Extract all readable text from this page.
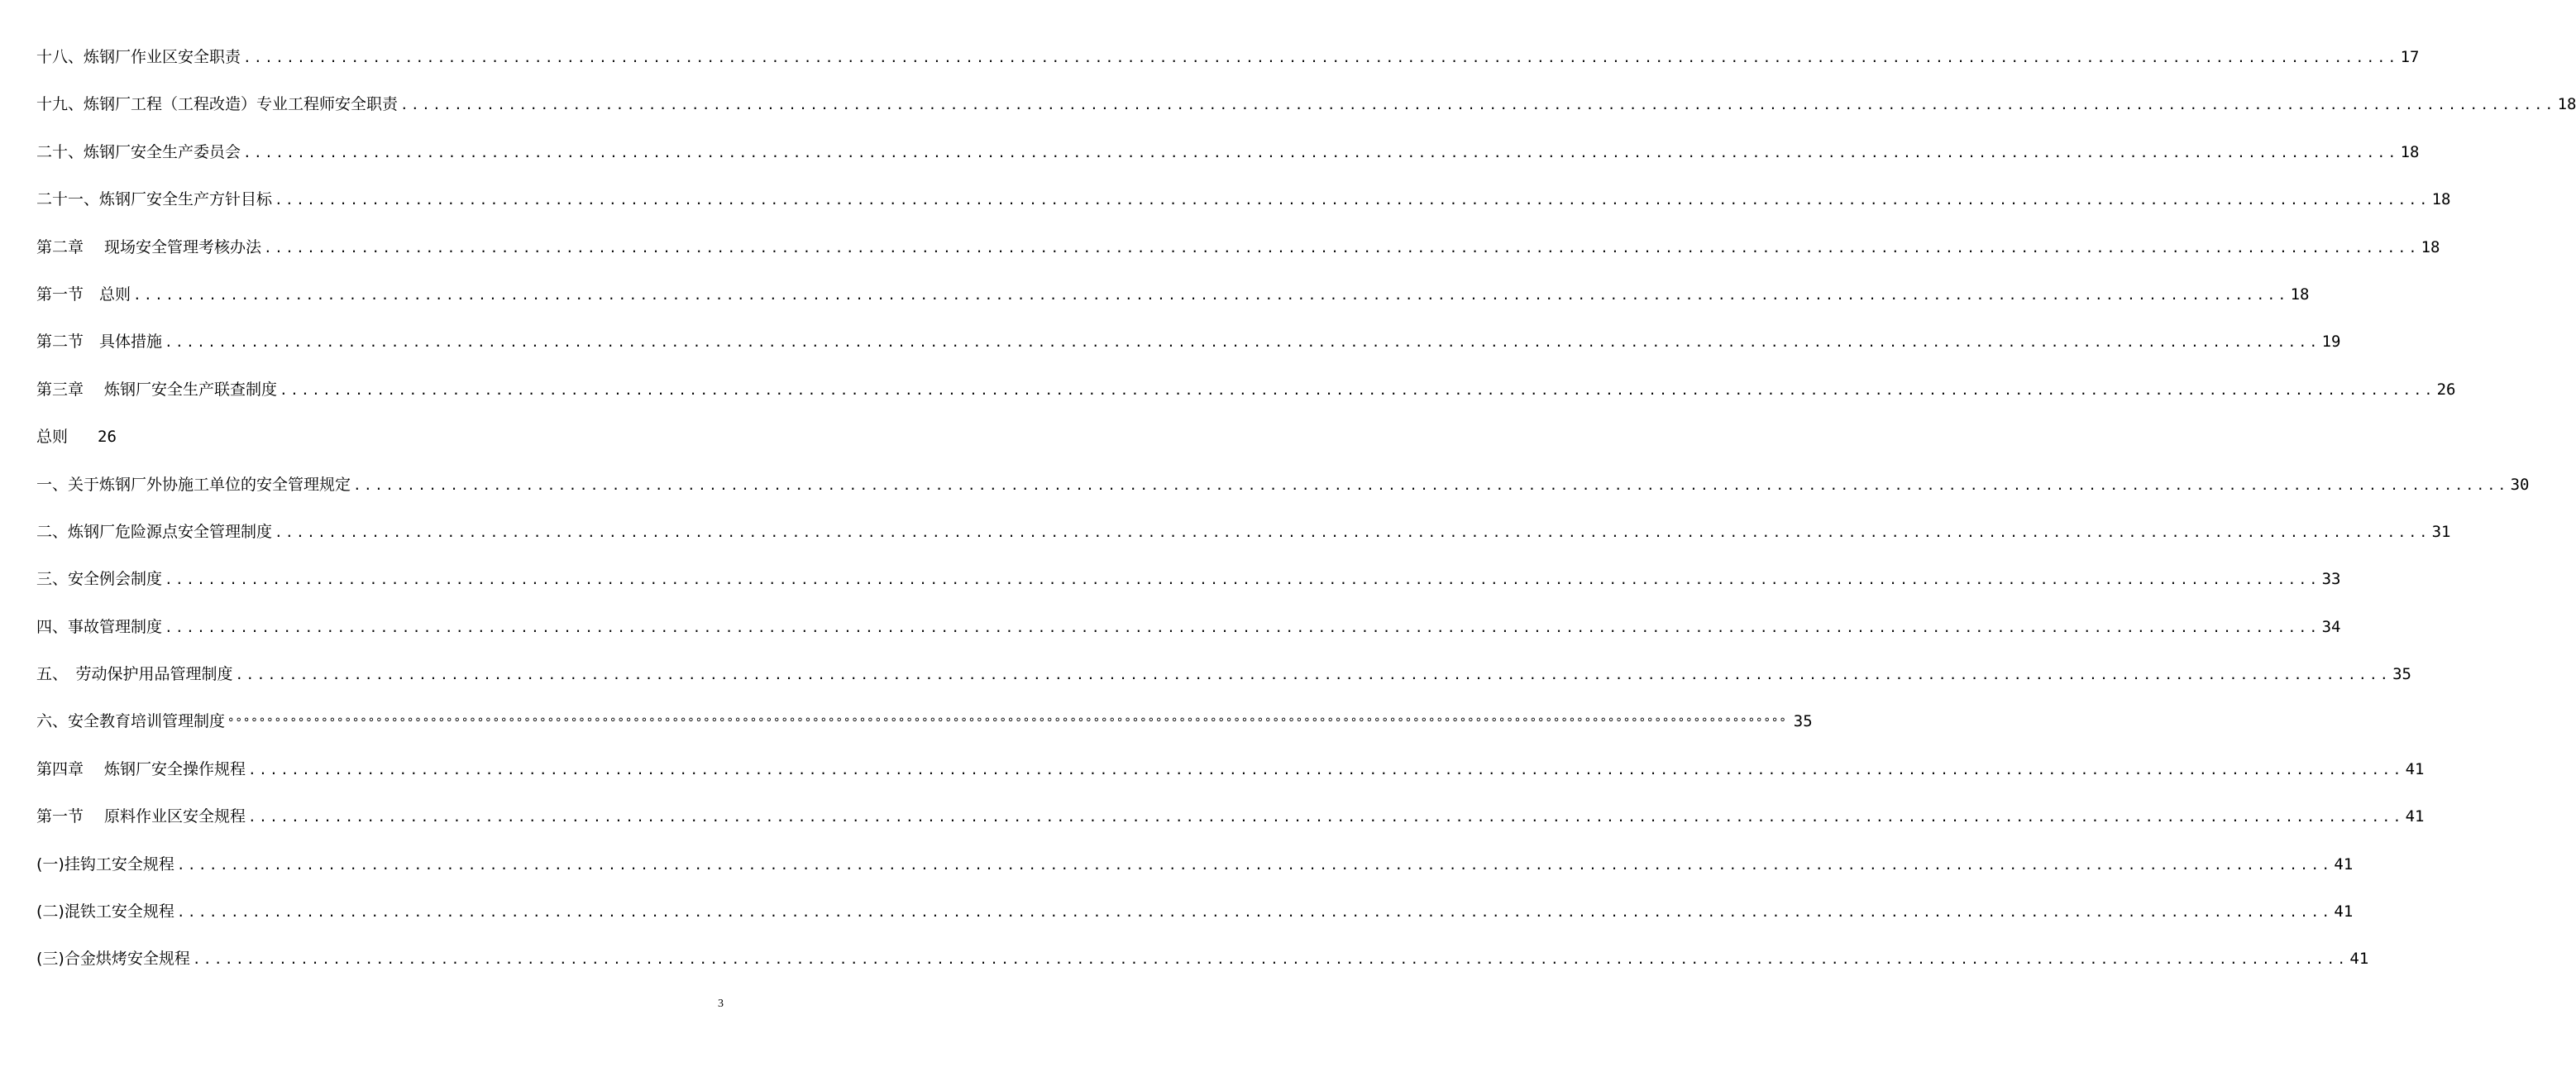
十八、炼钢厂作业区安全职责 ........................................................................................................................................................................................................ 17
十九、炼钢厂工程（工程改造）专业工程师安全职责 ........................................................................................................................................................................................................ 18
二十、炼钢厂安全生产委员会 ........................................................................................................................................................................................................ 18
二十一、炼钢厂安全生产方针目标 ........................................................................................................................................................................................................ 18
第二章　 现场安全管理考核办法 ........................................................................................................................................................................................................ 18
第一节　总则 ........................................................................................................................................................................................................ 18
第二节　具体措施 ........................................................................................................................................................................................................ 19
第三章　 炼钢厂安全生产联查制度 ........................................................................................................................................................................................................ 26
总则	26
一、关于炼钢厂外协施工单位的安全管理规定 ........................................................................................................................................................................................................ 30
二、炼钢厂危险源点安全管理制度 ........................................................................................................................................................................................................ 31
三、安全例会制度 ........................................................................................................................................................................................................ 33
四、事故管理制度 ........................................................................................................................................................................................................ 34
五、　劳动保护用品管理制度 ........................................................................................................................................................................................................ 35
六、安全教育培训管理制度 °°°°°°°°°°°°°°°°°°°°°°°°°°°°°°°°°°°°°°°°°°°°°°°°°°°°°°°°°°°°°°°°°°°°°°°°°°°°°°°°°°°°°°°°°°°°°°°°°°°°°°°°°°°°°°°°°°°°°°°°°°°°°°°°°°°°°°°°°°°°°°°°°°°°°°°°°°°°°°°°°°°°°°°°°°°°°°°°°°°°°°°°°°°°°°°°°°°°°°°° 35
第四章　 炼钢厂安全操作规程 ........................................................................................................................................................................................................ 41
第一节　 原料作业区安全规程 ........................................................................................................................................................................................................ 41
(一)挂钩工安全规程 ........................................................................................................................................................................................................ 41
(二)混铁工安全规程 ........................................................................................................................................................................................................ 41
(三)合金烘烤安全规程 ........................................................................................................................................................................................................ 41
3
